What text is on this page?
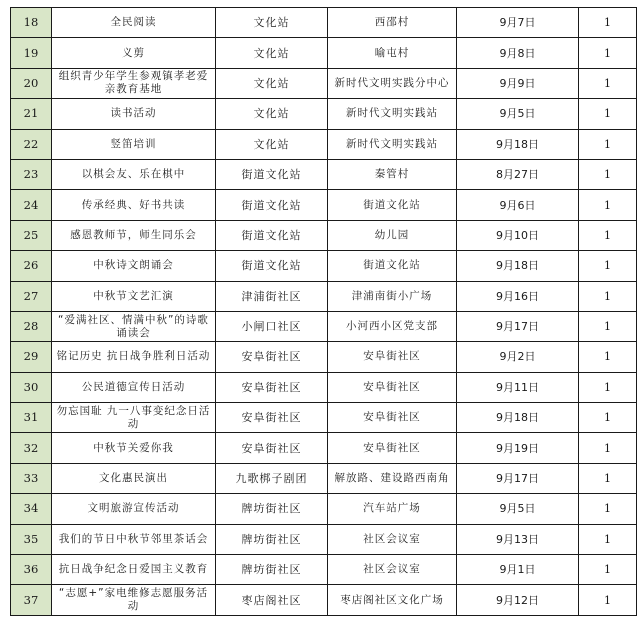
18	全民阅读	文化站	西邵村	9月7日	1
19	义剪	文化站	喻屯村	9月8日	1
20	组织青少年学生参观镇孝老爱亲教育基地	文化站	新时代文明实践分中心	9月9日	1
21	读书活动	文化站	新时代文明实践站	9月5日	1
22	竖笛培训	文化站	新时代文明实践站	9月18日	1
23	以棋会友、乐在棋中	街道文化站	秦管村	8月27日	1
24	传承经典、好书共读	街道文化站	街道文化站	9月6日	1
25	感恩教师节，师生同乐会	街道文化站	幼儿园	9月10日	1
26	中秋诗文朗诵会	街道文化站	街道文化站	9月18日	1
27	中秋节文艺汇演	津浦街社区	津浦南街小广场	9月16日	1
28	“爱满社区、情满中秋”的诗歌诵读会	小闸口社区	小河西小区党支部	9月17日	1
29	铭记历史 抗日战争胜利日活动	安阜街社区	安阜街社区	9月2日	1
30	公民道德宣传日活动	安阜街社区	安阜街社区	9月11日	1
31	勿忘国耻 九一八事变纪念日活动	安阜街社区	安阜街社区	9月18日	1
32	中秋节关爱你我	安阜街社区	安阜街社区	9月19日	1
33	文化惠民演出	九歌梆子剧团	解放路、建设路西南角	9月17日	1
34	文明旅游宣传活动	牌坊街社区	汽车站广场	9月5日	1
35	我们的节日中秋节邻里茶话会	牌坊街社区	社区会议室	9月13日	1
36	抗日战争纪念日爱国主义教育	牌坊街社区	社区会议室	9月1日	1
37	“志愿+”家电维修志愿服务活动	枣店阁社区	枣店阁社区文化广场	9月12日	1
